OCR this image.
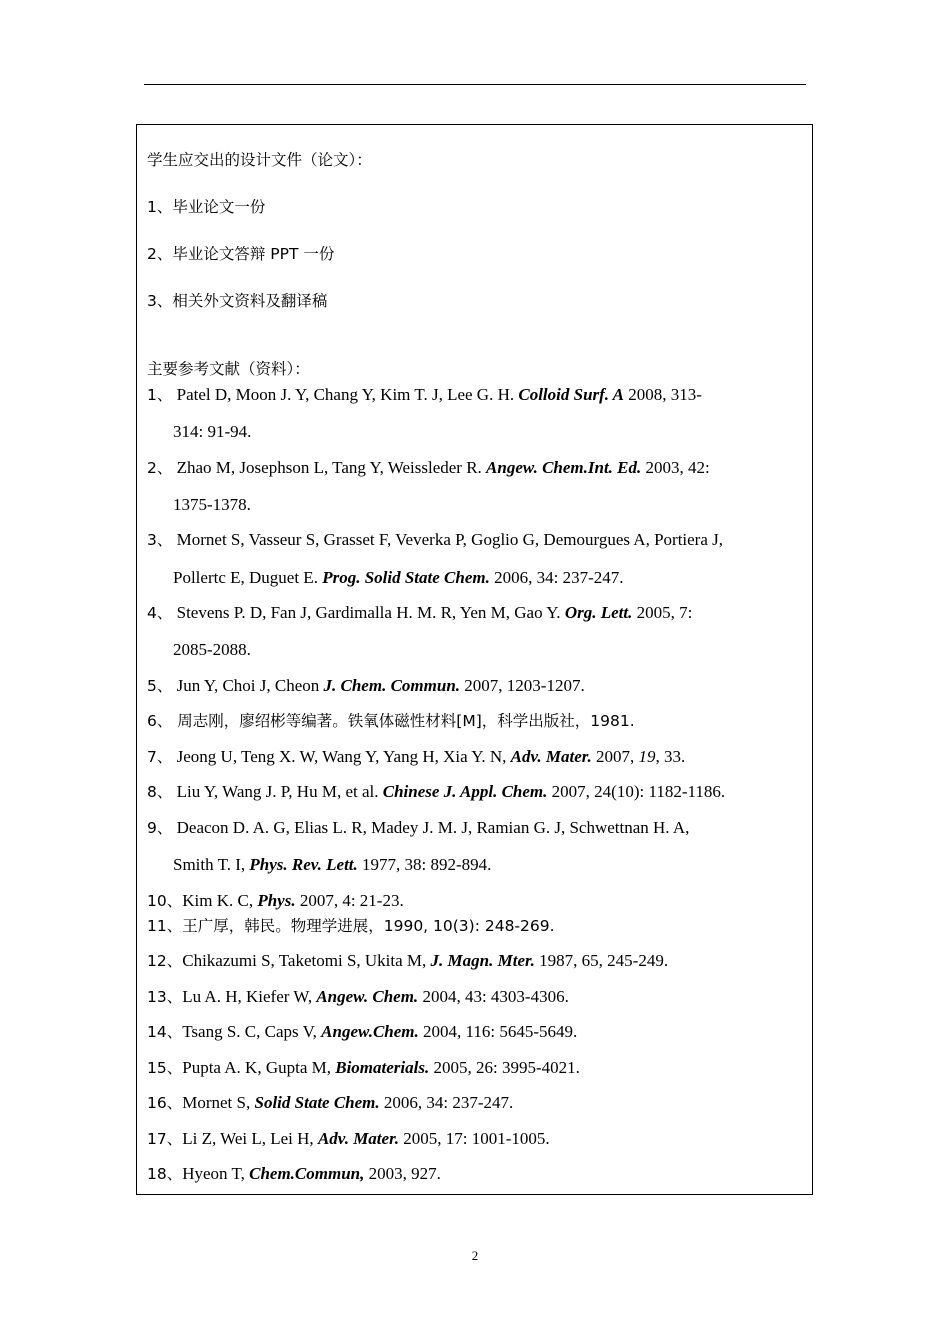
学生应交出的设计文件（论文）：
1、毕业论文一份
2、毕业论文答辩 PPT 一份
3、相关外文资料及翻译稿
主要参考文献（资料）：
1、 Patel D, Moon J. Y, Chang Y, Kim T. J, Lee G. H. Colloid Surf. A 2008, 313-
314: 91-94.
2、 Zhao M, Josephson L, Tang Y, Weissleder R. Angew. Chem.Int. Ed. 2003, 42:
1375-1378.
3、 Mornet S, Vasseur S, Grasset F, Veverka P, Goglio G, Demourgues A, Portiera J,
Pollertc E, Duguet E. Prog. Solid State Chem. 2006, 34: 237-247.
4、 Stevens P. D, Fan J, Gardimalla H. M. R, Yen M, Gao Y. Org. Lett. 2005, 7:
2085-2088.
5、 Jun Y, Choi J, Cheon J. Chem. Commun. 2007, 1203-1207.
6、 周志刚，廖绍彬等编著。铁氧体磁性材料[M]，科学出版社，1981.
7、 Jeong U, Teng X. W, Wang Y, Yang H, Xia Y. N, Adv. Mater. 2007, 19, 33.
8、 Liu Y, Wang J. P, Hu M, et al. Chinese J. Appl. Chem. 2007, 24(10): 1182-1186.
9、 Deacon D. A. G, Elias L. R, Madey J. M. J, Ramian G. J, Schwettnan H. A,
Smith T. I, Phys. Rev. Lett. 1977, 38: 892-894.
10、Kim K. C, Phys. 2007, 4: 21-23.
11、王广厚，韩民。物理学进展，1990, 10(3): 248-269.
12、Chikazumi S, Taketomi S, Ukita M, J. Magn. Mter. 1987, 65, 245-249.
13、Lu A. H, Kiefer W, Angew. Chem. 2004, 43: 4303-4306.
14、Tsang S. C, Caps V, Angew.Chem. 2004, 116: 5645-5649.
15、Pupta A. K, Gupta M, Biomaterials. 2005, 26: 3995-4021.
16、Mornet S, Solid State Chem. 2006, 34: 237-247.
17、Li Z, Wei L, Lei H, Adv. Mater. 2005, 17: 1001-1005.
18、Hyeon T, Chem.Commun, 2003, 927.
2
